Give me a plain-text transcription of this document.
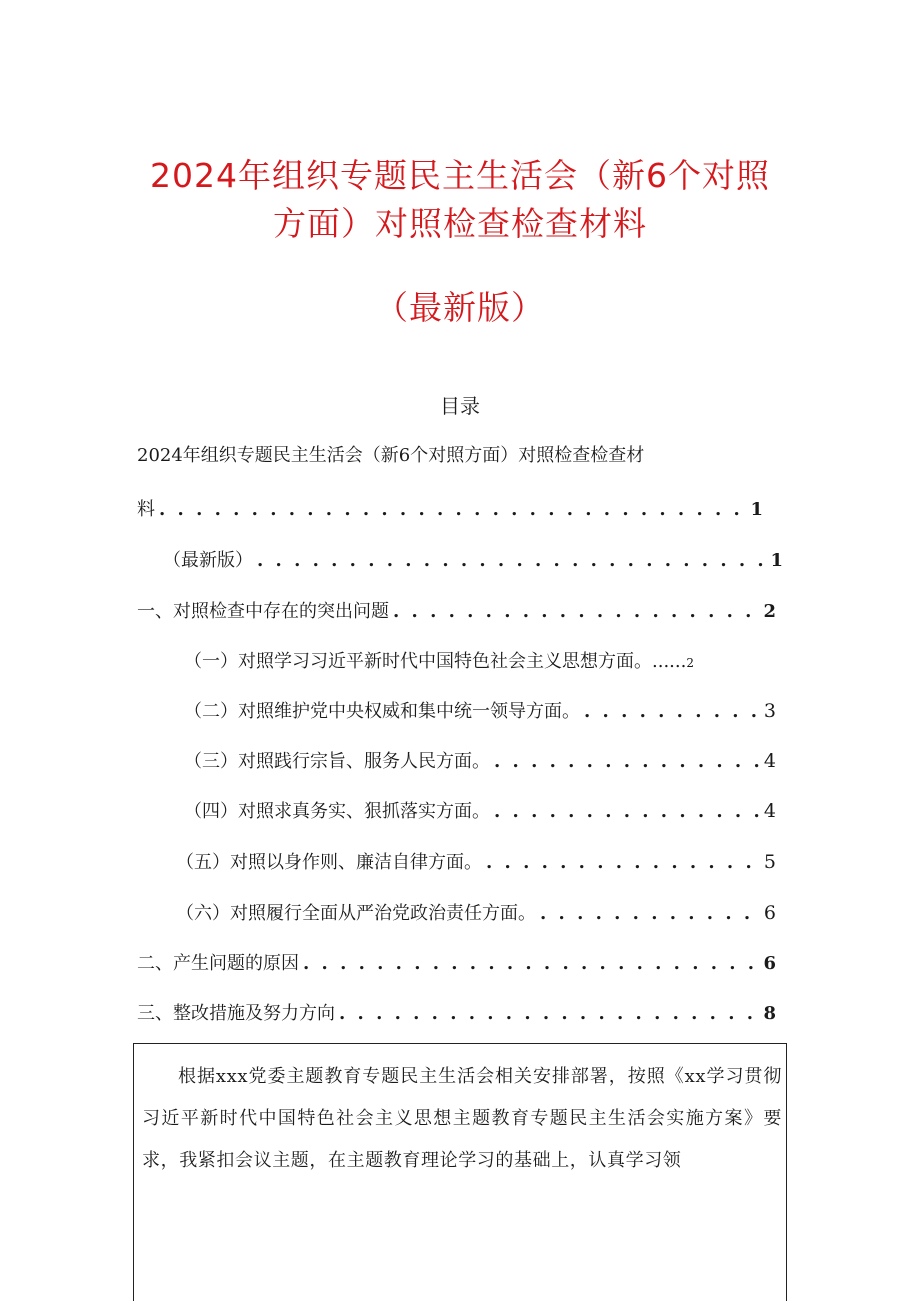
2024年组织专题民主生活会（新6个对照
方面）对照检查检查材料
（最新版）
目录
2024年组织专题民主生活会（新6个对照方面）对照检查检查材
料 . . .	1
（最新版） . . .	1
一、对照检查中存在的突出问题 . . .	2
（一）对照学习习近平新时代中国特色社会主义思想方面。...... 2
（二）对照维护党中央权威和集中统一领导方面。 . . .	3
（三）对照践行宗旨、服务人民方面。 . . .	4
（四）对照求真务实、狠抓落实方面。 . . .	4
（五）对照以身作则、廉洁自律方面。 . . .	5
（六）对照履行全面从严治党政治责任方面。 . . .	6
二、产生问题的原因 . . .	6
三、整改措施及努力方向 . . .	8

根据xxx党委主题教育专题民主生活会相关安排部署，按照《xx学习贯彻习近平新时代中国特色社会主义思想主题教育专题民主生活会实施方案》要求，我紧扣会议主题，在主题教育理论学习的基础上，认真学习领
